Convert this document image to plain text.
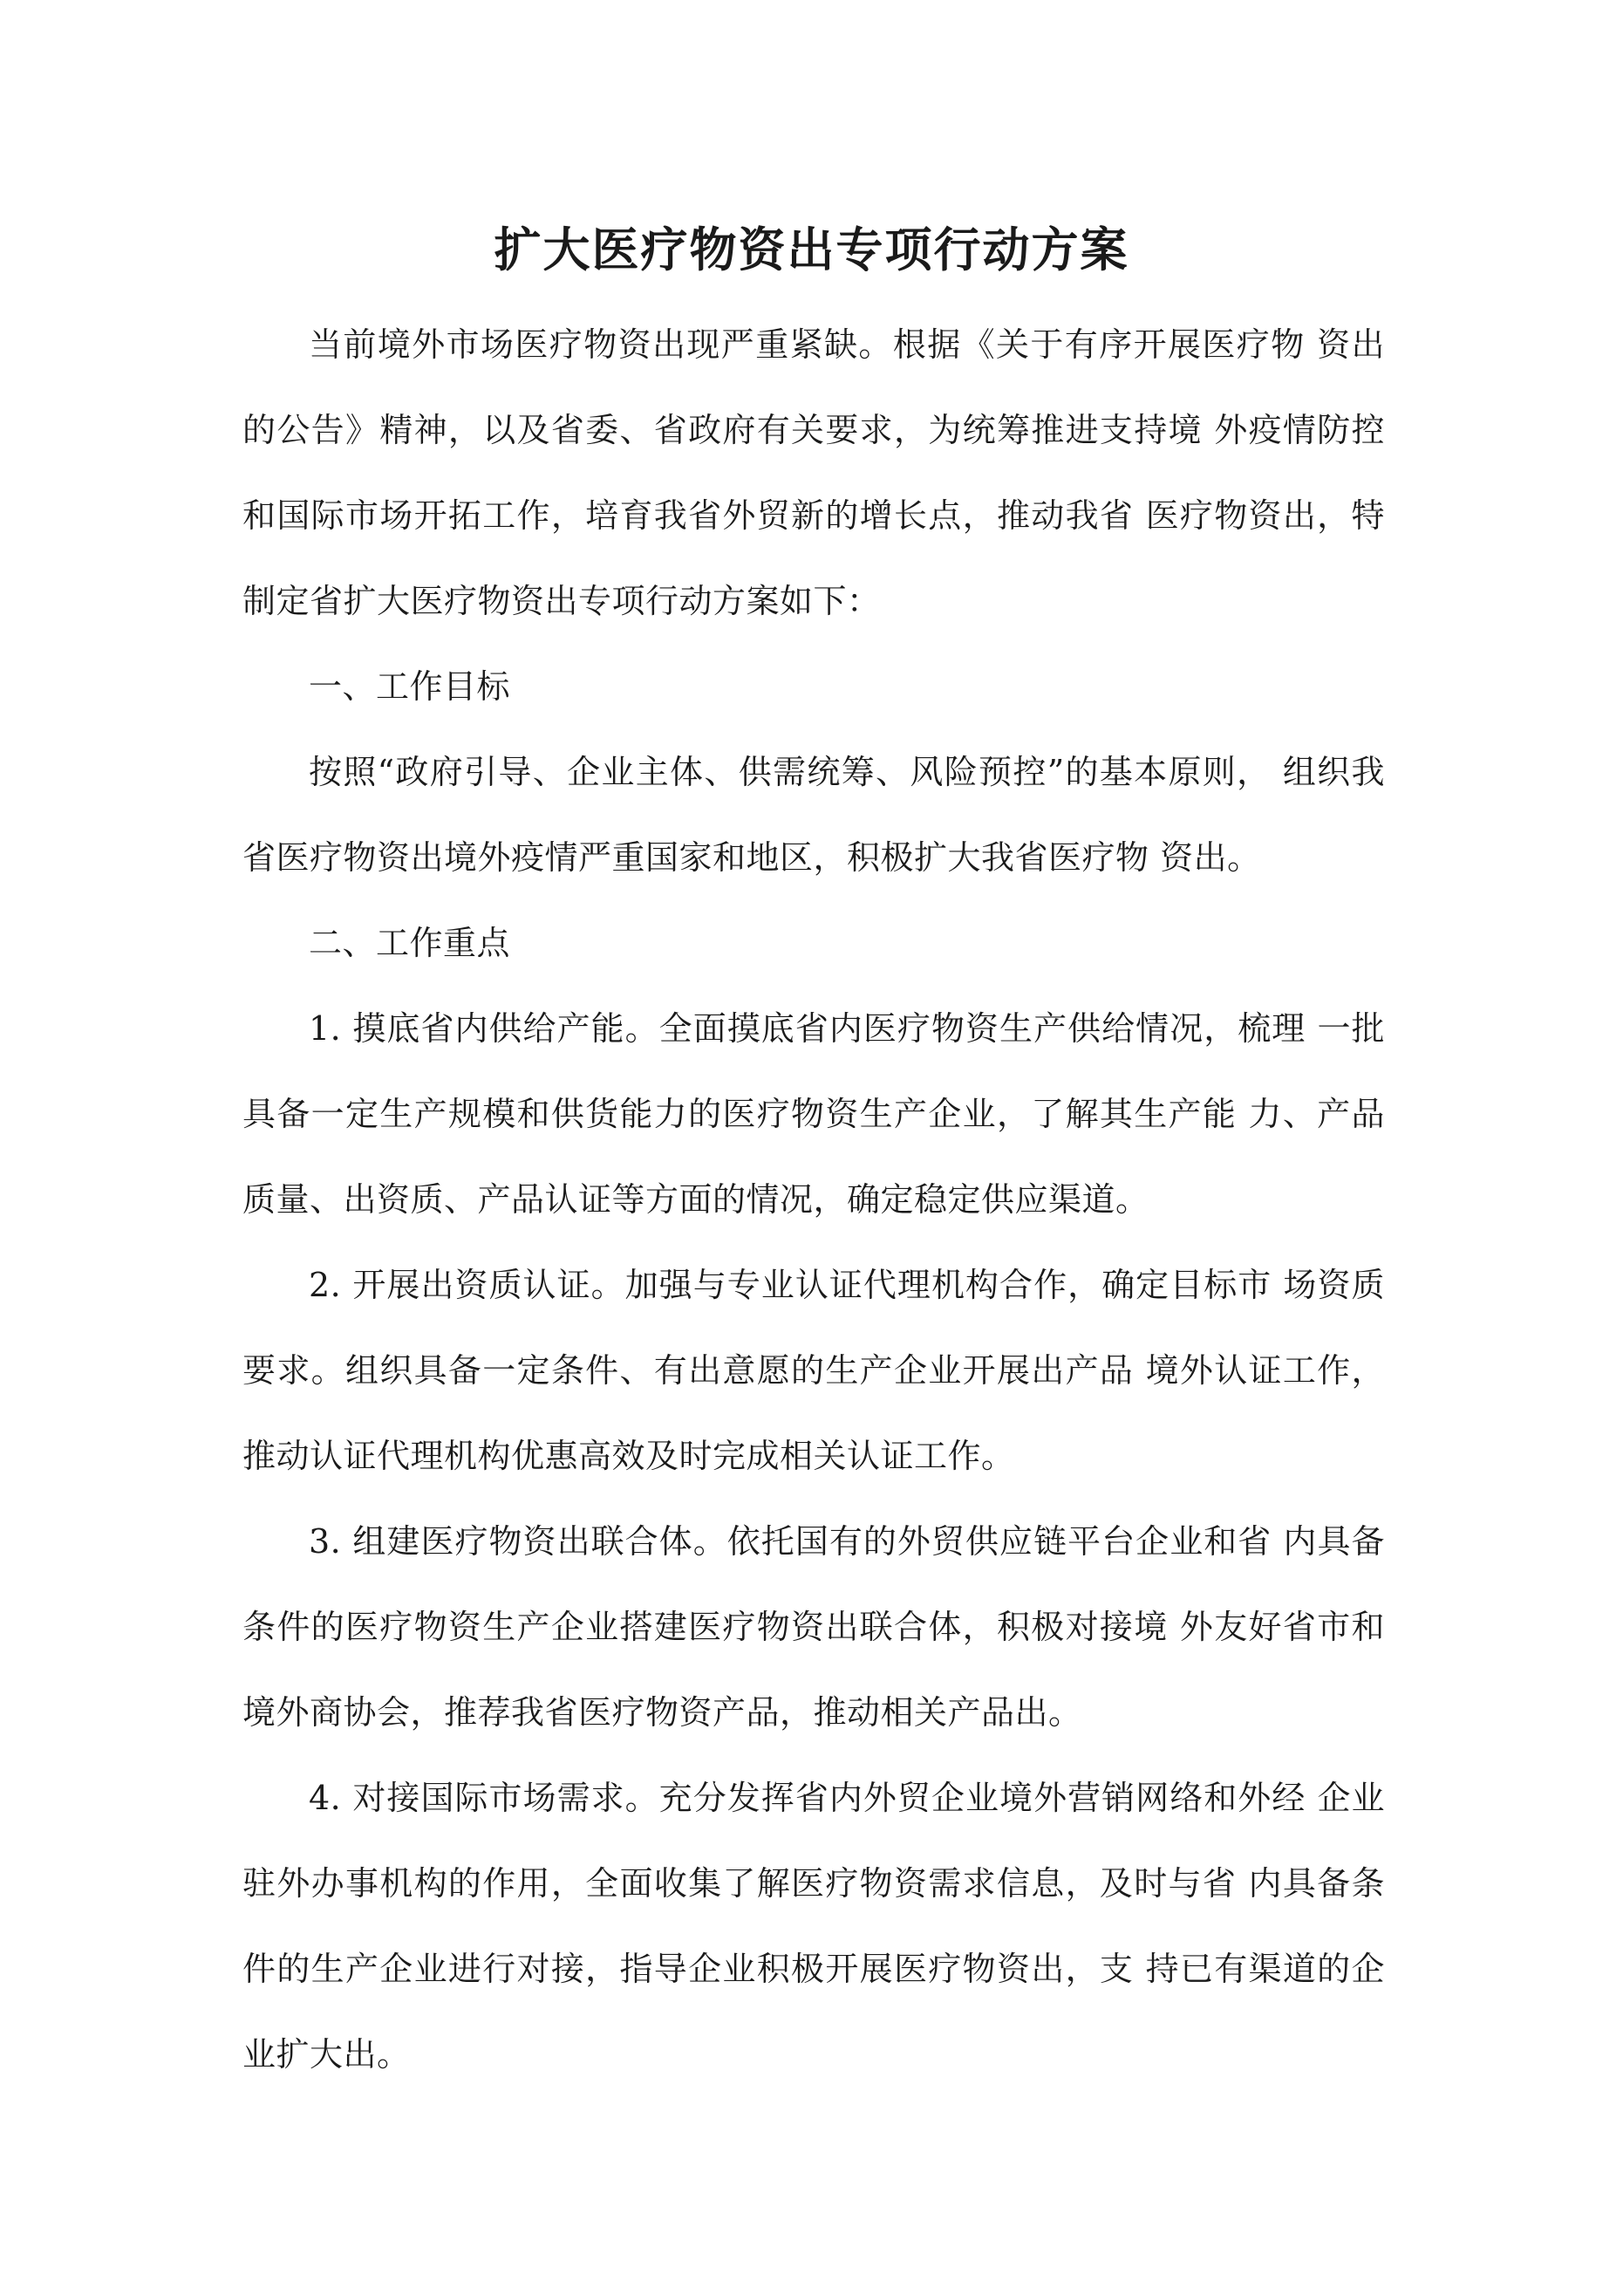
扩大医疗物资出专项行动方案

当前境外市场医疗物资出现严重紧缺。根据《关于有序开展医疗物 资出的公告》精神，以及省委、省政府有关要求，为统筹推进支持境 外疫情防控和国际市场开拓工作，培育我省外贸新的增长点，推动我省 医疗物资出，特制定省扩大医疗物资出专项行动方案如下：

一、工作目标

按照“政府引导、企业主体、供需统筹、风险预控”的基本原则， 组织我省医疗物资出境外疫情严重国家和地区，积极扩大我省医疗物 资出。

二、工作重点

1. 摸底省内供给产能。全面摸底省内医疗物资生产供给情况，梳理 一批具备一定生产规模和供货能力的医疗物资生产企业，了解其生产能 力、产品质量、出资质、产品认证等方面的情况，确定稳定供应渠道。

2. 开展出资质认证。加强与专业认证代理机构合作，确定目标市 场资质要求。组织具备一定条件、有出意愿的生产企业开展出产品 境外认证工作，推动认证代理机构优惠高效及时完成相关认证工作。

3. 组建医疗物资出联合体。依托国有的外贸供应链平台企业和省 内具备条件的医疗物资生产企业搭建医疗物资出联合体，积极对接境 外友好省市和境外商协会，推荐我省医疗物资产品，推动相关产品出。

4. 对接国际市场需求。充分发挥省内外贸企业境外营销网络和外经 企业驻外办事机构的作用，全面收集了解医疗物资需求信息，及时与省 内具备条件的生产企业进行对接，指导企业积极开展医疗物资出，支 持已有渠道的企业扩大出。
